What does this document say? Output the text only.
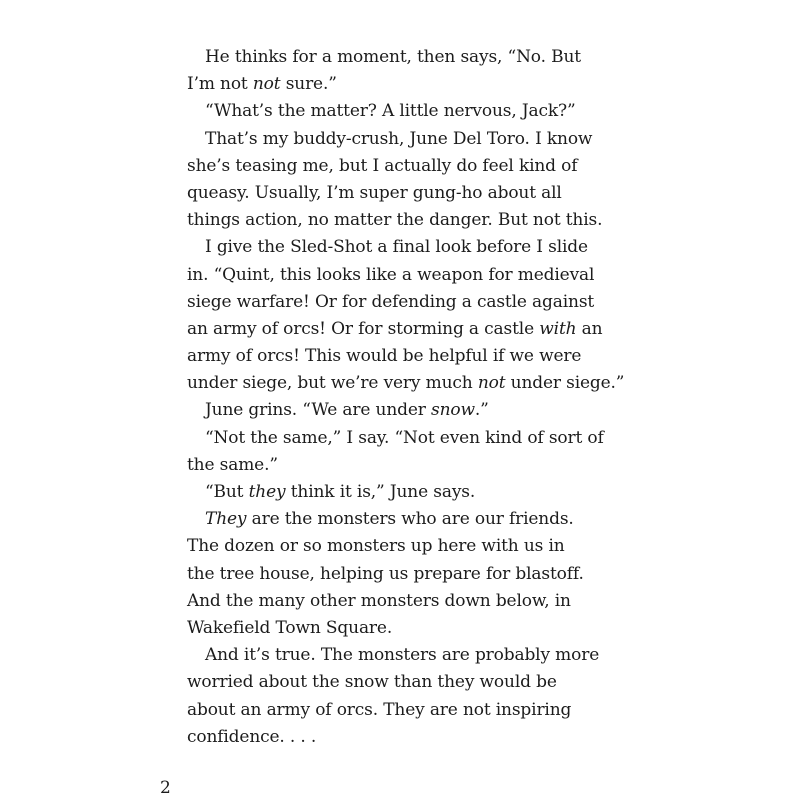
He thinks for a moment, then says, “No. But
I’m not not sure.”
“What’s the matter? A little nervous, Jack?”
That’s my buddy-crush, June Del Toro. I know
she’s teasing me, but I actually do feel kind of
queasy. Usually, I’m super gung-ho about all
things action, no matter the danger. But not this.
I give the Sled-Shot a final look before I slide
in. “Quint, this looks like a weapon for medieval
siege warfare! Or for defending a castle against
an army of orcs! Or for storming a castle with an
army of orcs! This would be helpful if we were
under siege, but we’re very much not under siege.”
June grins. “We are under snow.”
“Not the same,” I say. “Not even kind of sort of
the same.”
“But they think it is,” June says.
They are the monsters who are our friends.
The dozen or so monsters up here with us in
the tree house, helping us prepare for blastoff.
And the many other monsters down below, in
Wakefield Town Square.
And it’s true. The monsters are probably more
worried about the snow than they would be
about an army of orcs. They are not inspiring
confidence. . . .
2
